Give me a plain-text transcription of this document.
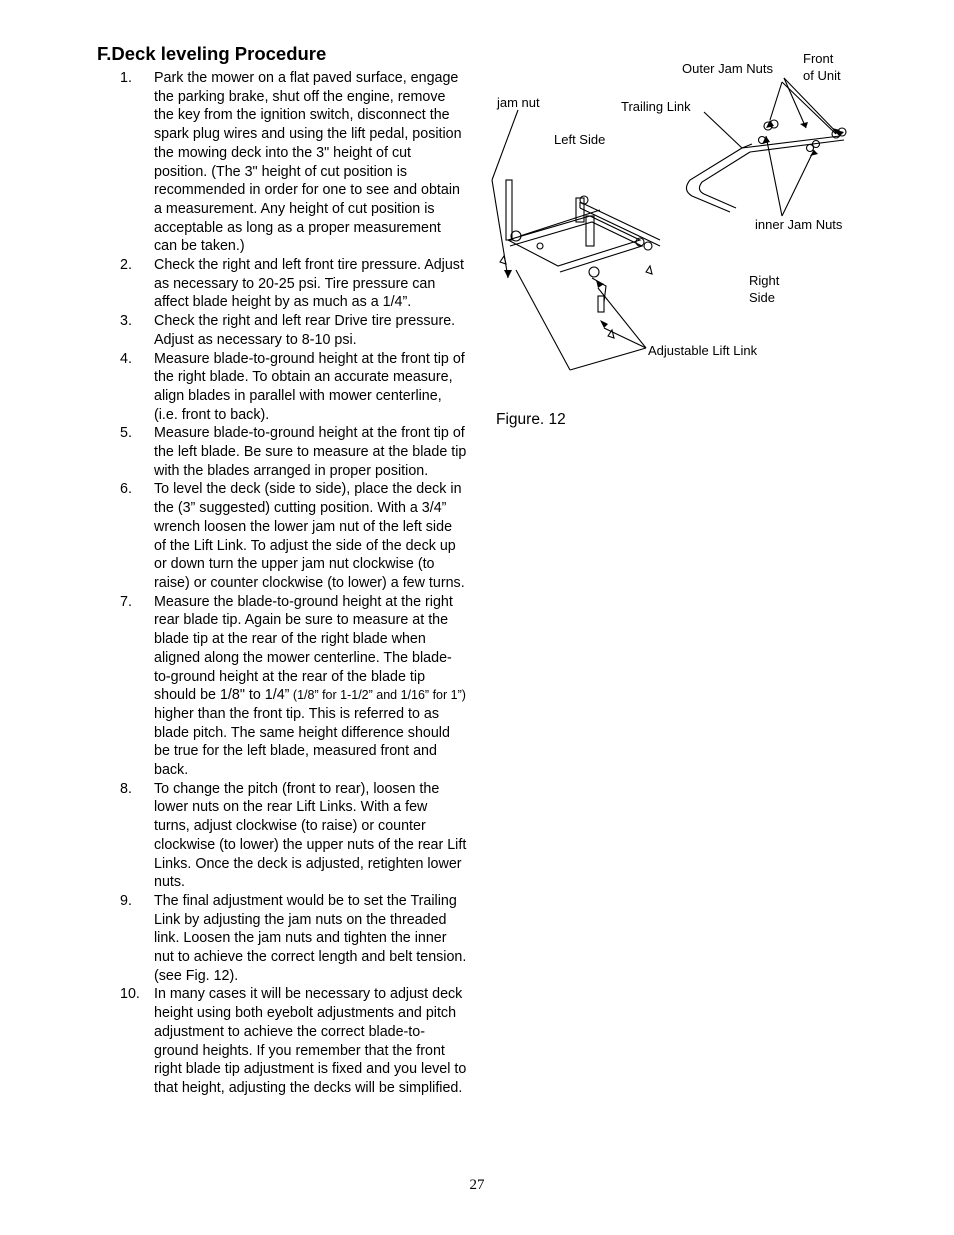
F.Deck leveling Procedure
1. Park the mower on a flat paved surface, engage the parking brake, shut off the engine, remove the key from the ignition switch, disconnect the spark plug wires and using the lift pedal, position the mowing deck into the 3" height of cut position. (The 3" height of cut position is recommended in order for one to see and obtain a measurement. Any height of cut position is acceptable as long as a proper measurement can be taken.)
2. Check the right and left front tire pressure. Adjust as necessary to 20-25 psi. Tire pressure can affect blade height by as much as a 1/4”.
3. Check the right and left rear Drive tire pressure. Adjust as necessary to 8-10 psi.
4. Measure blade-to-ground height at the front tip of the right blade. To obtain an accurate measure, align blades in parallel with mower centerline, (i.e. front to back).
5. Measure blade-to-ground height at the front tip of the left blade. Be sure to measure at the blade tip with the blades arranged in proper position.
6. To level the deck (side to side), place the deck in the (3” suggested) cutting position. With a 3/4” wrench loosen the lower jam nut of the left side of the Lift Link. To adjust the side of the deck up or down turn the upper jam nut clockwise (to raise) or counter clockwise (to lower) a few turns.
7. Measure the blade-to-ground height at the right rear blade tip. Again be sure to measure at the blade tip at the rear of the right blade when aligned along the mower centerline. The blade-to-ground height at the rear of the blade tip should be 1/8" to 1/4” (1/8” for 1-1/2” and 1/16” for 1”) higher than the front tip. This is referred to as blade pitch. The same height difference should be true for the left blade, measured front and back.
8. To change the pitch (front to rear), loosen the lower nuts on the rear Lift Links. With a few turns, adjust clockwise (to raise) or counter clockwise (to lower) the upper nuts of the rear Lift Links. Once the deck is adjusted, retighten lower nuts.
9. The final adjustment would be to set the Trailing Link by adjusting the jam nuts on the threaded link. Loosen the jam nuts and tighten the inner nut to achieve the correct length and belt tension. (see Fig. 12).
10. In many cases it will be necessary to adjust deck height using both eyebolt adjustments and pitch adjustment to achieve the correct blade-to-ground heights. If you remember that the front right blade tip adjustment is fixed and you level to that height, adjusting the decks will be simplified.
Front
of Unit
Outer Jam Nuts
jam nut	Trailing Link
Left Side
inner Jam Nuts
Right
Side
Adjustable Lift Link
Figure. 12
27
